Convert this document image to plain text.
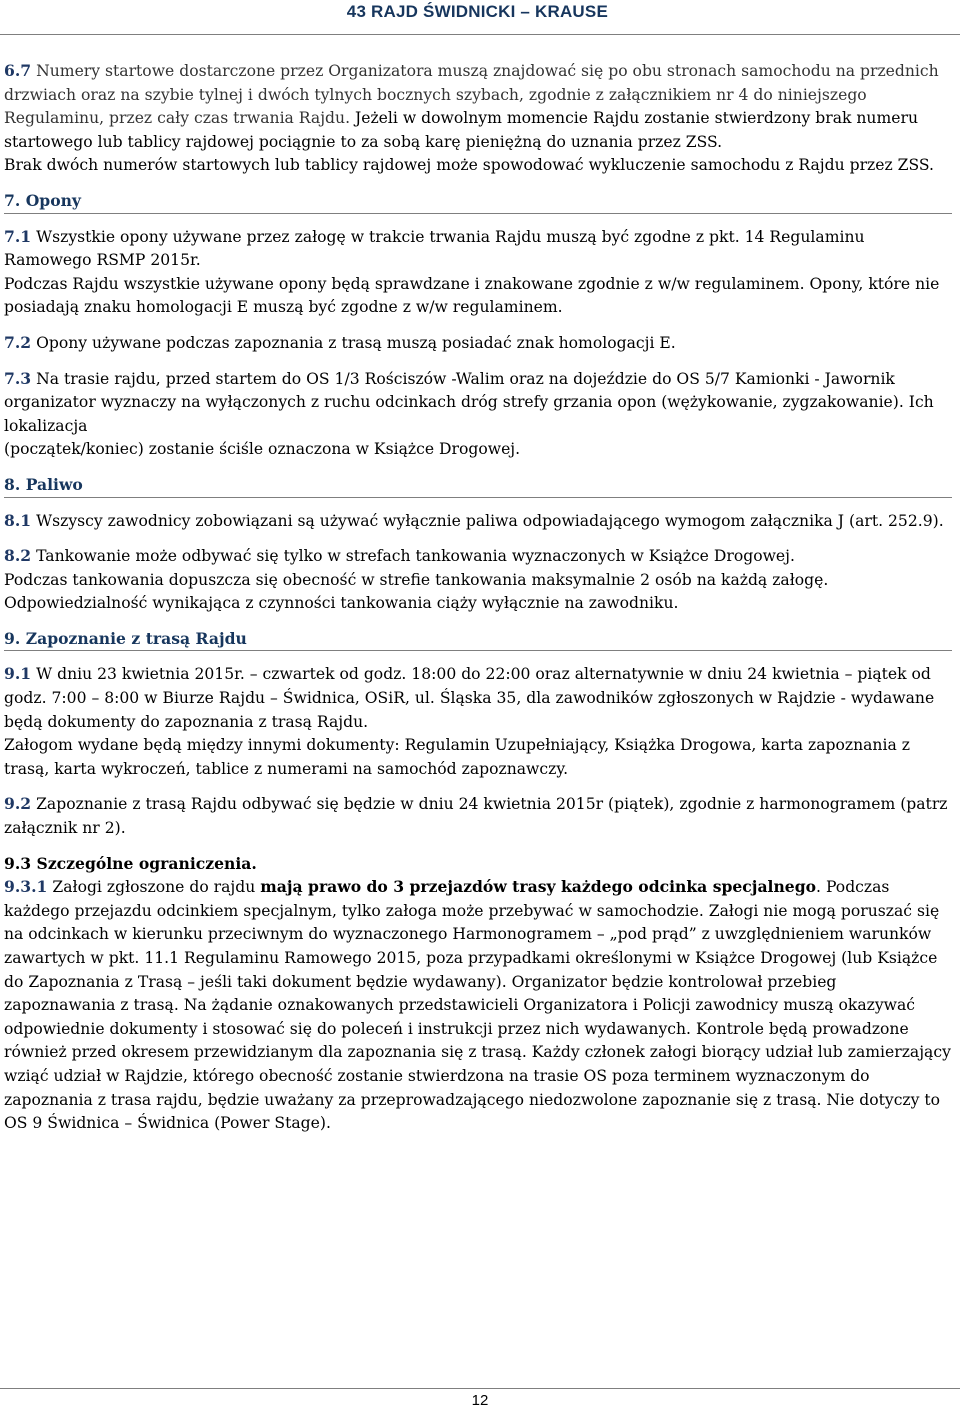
43 RAJD ŚWIDNICKI – KRAUSE

6.7 Numery startowe dostarczone przez Organizatora muszą znajdować się po obu stronach samochodu na przednich drzwiach oraz na szybie tylnej i dwóch tylnych bocznych szybach, zgodnie z załącznikiem nr 4 do niniejszego Regulaminu, przez cały czas trwania Rajdu. Jeżeli w dowolnym momencie Rajdu zostanie stwierdzony brak numeru startowego lub tablicy rajdowej pociągnie to za sobą karę pieniężną do uznania przez ZSS.

Brak dwóch numerów startowych lub tablicy rajdowej może spowodować wykluczenie samochodu z Rajdu przez ZSS.

7. Opony

7.1 Wszystkie opony używane przez załogę w trakcie trwania Rajdu muszą być zgodne z pkt. 14 Regulaminu Ramowego RSMP 2015r.

Podczas Rajdu wszystkie używane opony będą sprawdzane i znakowane zgodnie z w/w regulaminem. Opony, które nie posiadają znaku homologacji E muszą być zgodne z w/w regulaminem.

7.2 Opony używane podczas zapoznania z trasą muszą posiadać znak homologacji E.

7.3 Na trasie rajdu, przed startem do OS 1/3 Rościszów -Walim oraz na dojeździe do OS 5/7 Kamionki - Jawornik organizator wyznaczy na wyłączonych z ruchu odcinkach dróg strefy grzania opon (wężykowanie, zygzakowanie). Ich lokalizacja

(początek/koniec) zostanie ściśle oznaczona w Książce Drogowej.

8. Paliwo

8.1 Wszyscy zawodnicy zobowiązani są używać wyłącznie paliwa odpowiadającego wymogom załącznika J (art. 252.9).

8.2 Tankowanie może odbywać się tylko w strefach tankowania wyznaczonych w Książce Drogowej.

Podczas tankowania dopuszcza się obecność w strefie tankowania maksymalnie 2 osób na każdą załogę.

Odpowiedzialność wynikająca z czynności tankowania ciąży wyłącznie na zawodniku.

9. Zapoznanie z trasą Rajdu

9.1 W dniu 23 kwietnia 2015r. – czwartek od godz. 18:00 do 22:00 oraz alternatywnie w dniu 24 kwietnia – piątek od godz. 7:00 – 8:00 w Biurze Rajdu – Świdnica, OSiR, ul. Śląska 35, dla zawodników zgłoszonych w Rajdzie - wydawane będą dokumenty do zapoznania z trasą Rajdu.

Załogom wydane będą między innymi dokumenty: Regulamin Uzupełniający, Książka Drogowa, karta zapoznania z trasą, karta wykroczeń, tablice z numerami na samochód zapoznawczy.

9.2 Zapoznanie z trasą Rajdu odbywać się będzie w dniu 24 kwietnia 2015r (piątek), zgodnie z harmonogramem (patrz załącznik nr 2).

9.3 Szczególne ograniczenia.

9.3.1 Załogi zgłoszone do rajdu mają prawo do 3 przejazdów trasy każdego odcinka specjalnego. Podczas każdego przejazdu odcinkiem specjalnym, tylko załoga może przebywać w samochodzie. Załogi nie mogą poruszać się na odcinkach w kierunku przeciwnym do wyznaczonego Harmonogramem – „pod prąd” z uwzględnieniem warunków zawartych w pkt. 11.1 Regulaminu Ramowego 2015, poza przypadkami określonymi w Książce Drogowej (lub Książce do Zapoznania z Trasą – jeśli taki dokument będzie wydawany). Organizator będzie kontrolował przebieg zapoznawania z trasą. Na żądanie oznakowanych przedstawicieli Organizatora i Policji zawodnicy muszą okazywać odpowiednie dokumenty i stosować się do poleceń i instrukcji przez nich wydawanych. Kontrole będą prowadzone również przed okresem przewidzianym dla zapoznania się z trasą. Każdy członek załogi biorący udział lub zamierzający wziąć udział w Rajdzie, którego obecność zostanie stwierdzona na trasie OS poza terminem wyznaczonym do zapoznania z trasa rajdu, będzie uważany za przeprowadzającego niedozwolone zapoznanie się z trasą. Nie dotyczy to OS 9 Świdnica – Świdnica (Power Stage).

12
